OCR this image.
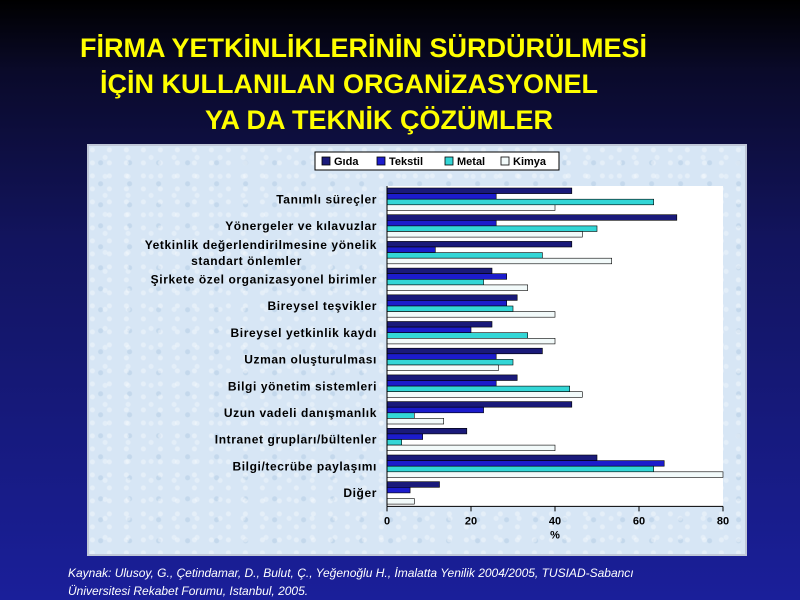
FİRMA YETKİNLİKLERİNİN SÜRDÜRÜLMESİ
İÇİN KULLANILAN ORGANİZASYONEL
YA DA TEKNİK ÇÖZÜMLER
Tanımlı süreçler
Yönergeler ve kılavuzlar
Yetkinlik değerlendirilmesine yönelik standart önlemler
Şirkete özel organizasyonel birimler
Bireysel teşvikler
Bireysel yetkinlik kaydı
Uzman oluşturulması
Bilgi yönetim sistemleri
Uzun vadeli danışmanlık
Intranet grupları/bültenler
Bilgi/tecrübe paylaşımı
Diğer
0	20	40	60	80
%
Gıda	Tekstil	Metal	Kimya
Kaynak: Ulusoy, G., Çetindamar, D., Bulut, Ç., Yeğenoğlu H., İmalatta Yenilik 2004/2005, TUSIAD-Sabancı
Üniversitesi Rekabet Forumu, Istanbul, 2005.
